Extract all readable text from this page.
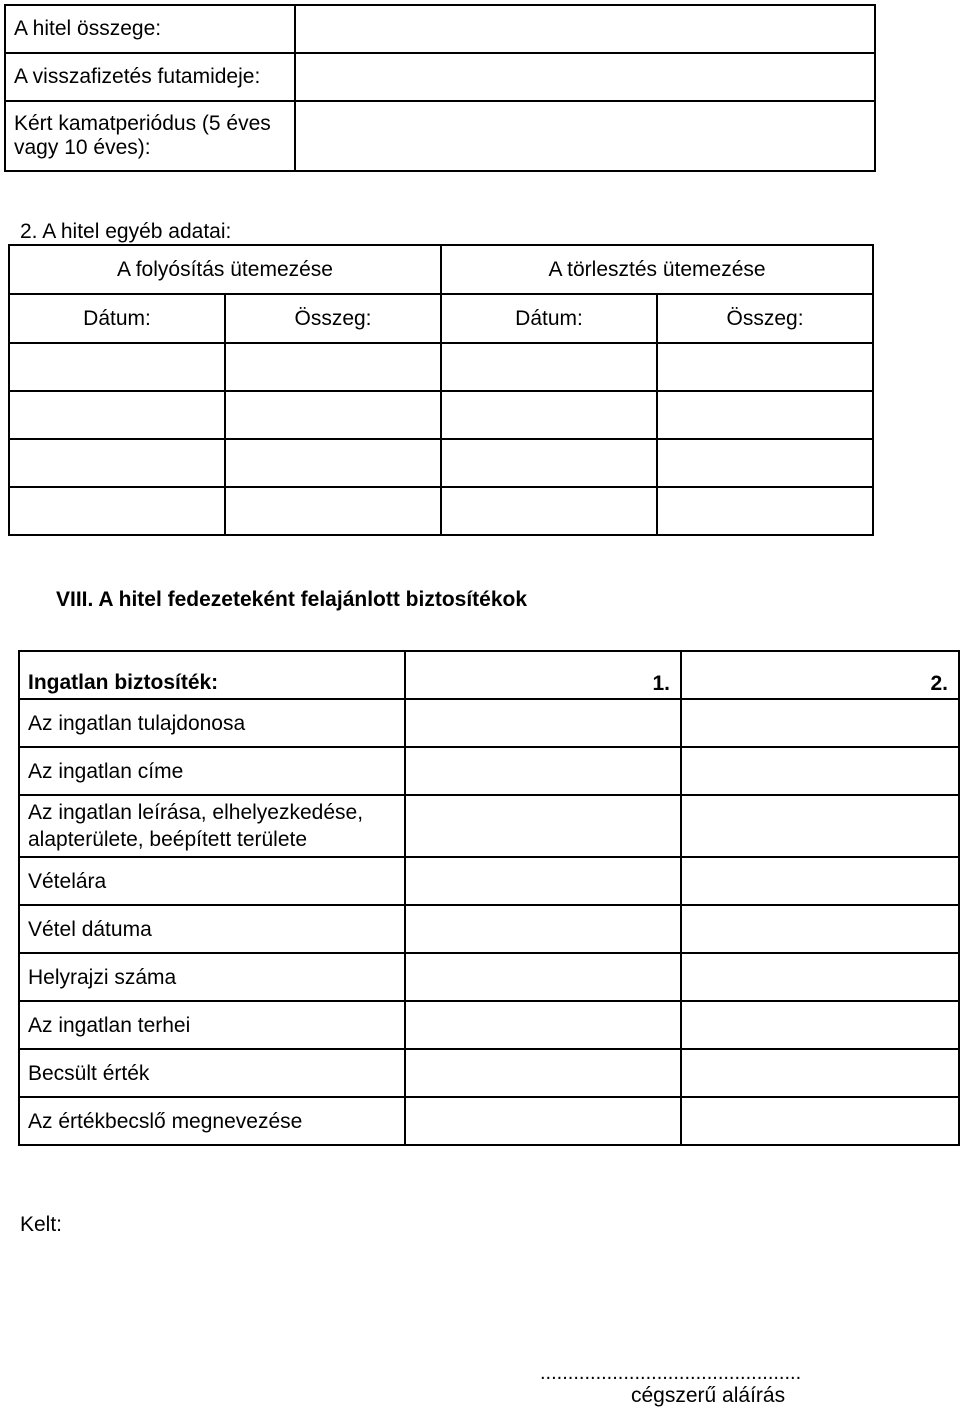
A hitel összege:	
A visszafizetés futamideje:	

Kért kamatperiódus (5 éves
vagy 10 éves):	

2. A hitel egyéb adatai:
A folyósítás ütemezése		A törlesztés ütemezése	
Dátum:	Összeg:	Dátum:	Összeg:

VIII. A hitel fedezeteként felajánlott biztosítékok
Ingatlan biztosíték:	1.	2.
Az ingatlan tulajdonosa		
Az ingatlan címe		

Az ingatlan leírása, elhelyezkedése,
alapterülete, beépített területe		

Vételára		
Vétel dátuma		
Helyrajzi száma		
Az ingatlan terhei		
Becsült érték		
Az értékbecslő megnevezése		
Kelt:
...............................................
cégszerű aláírás
